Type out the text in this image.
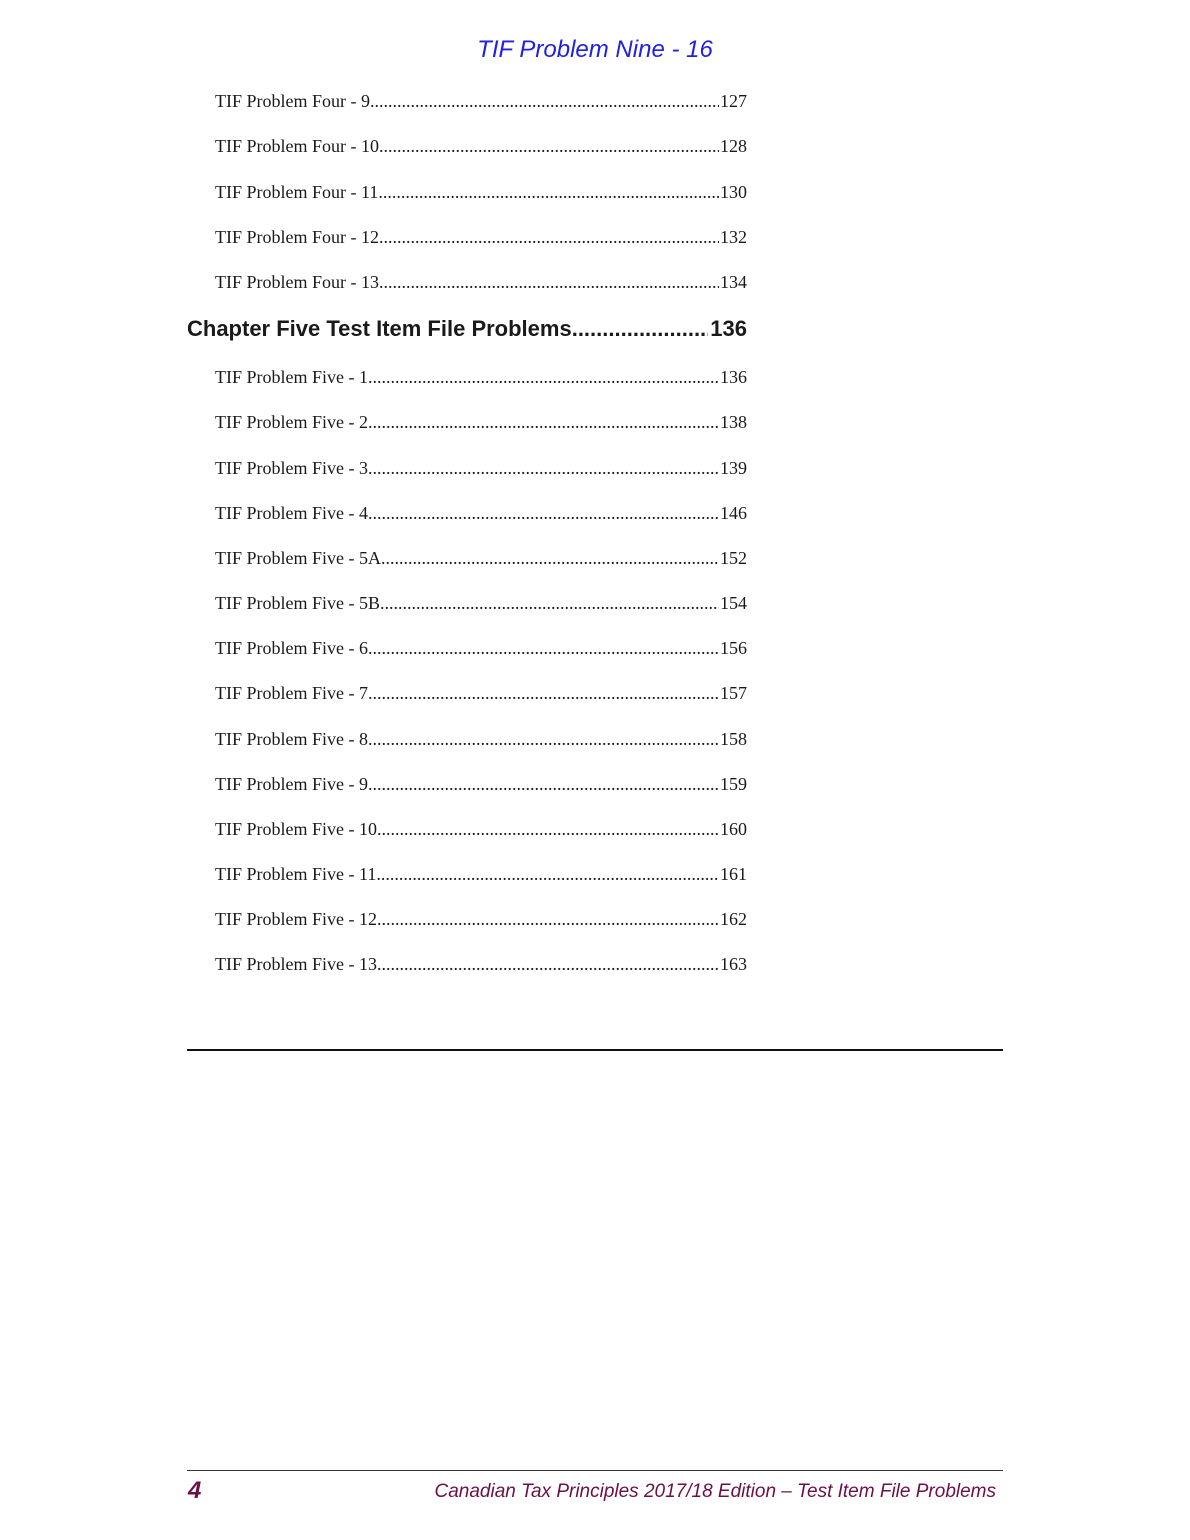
TIF Problem Nine - 16
TIF Problem Four - 9 .....	127
TIF Problem Four - 10 .....	128
TIF Problem Four - 11 .....	130
TIF Problem Four - 12 .....	132
TIF Problem Four - 13 .....	134
Chapter Five Test Item File Problems .....	136
TIF Problem Five - 1 .....	136
TIF Problem Five - 2 .....	138
TIF Problem Five - 3 .....	139
TIF Problem Five - 4 .....	146
TIF Problem Five - 5A .....	152
TIF Problem Five - 5B .....	154
TIF Problem Five - 6 .....	156
TIF Problem Five - 7 .....	157
TIF Problem Five - 8 .....	158
TIF Problem Five - 9 .....	159
TIF Problem Five - 10 .....	160
TIF Problem Five - 11 .....	161
TIF Problem Five - 12 .....	162
TIF Problem Five - 13 .....	163
4	Canadian Tax Principles 2017/18 Edition – Test Item File Problems
